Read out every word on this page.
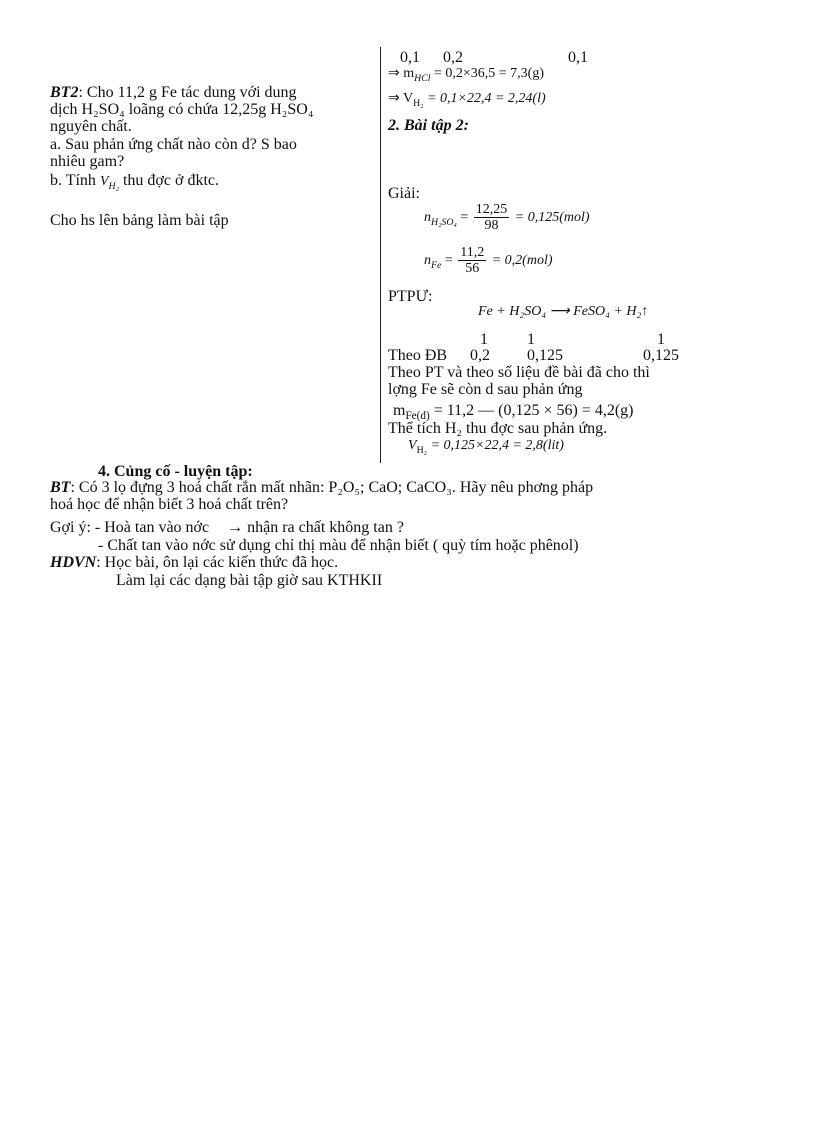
BT2: Cho 11,2 g Fe tác dung với dung
dịch H₂SO₄ loãng có chứa 12,25g H₂SO₄
nguyên chất.
a. Sau phản ứng chất nào còn d? S bao
nhiêu gam?
b. Tính $V_{H_2}$ thu đợc ở đktc.
Cho hs lên bảng làm bài tập
0,1 0,2	0,1
⇒ $m_{HCl} = 0,2\times 36,5 = 7,3(g)$
⇒ $V_{H_2} = 0,1\times 22,4 = 2,24(l)$
2. Bài tập 2:
Giải:
$n_{H_2SO_4} = \frac{12,25}{98} = 0,125(mol)$
$n_{Fe} = \frac{11,2}{56} = 0,2(mol)$
PTPƯ:
Fe + H₂SO₄ ⟶ FeSO₄ + H₂↑
1 1	1
Theo ĐB 0,2 0,125	0,125
Theo PT và theo số liệu đề bài đã cho thì
lợng Fe sẽ còn d sau phản ứng
$m_{Fe(d)} = 11,2$ — (0,125 × 56) = 4,2(g)
Thể tích H₂ thu đợc sau phản ứng.
$V_{H_2} = 0,125\times 22,4 = 2,8(lit)$
4. Củng cố - luyện tập:
BT: Có 3 lọ đựng 3 hoá chất rắn mất nhãn: P₂O₅; CaO; CaCO₃. Hãy nêu phơng pháp
hoá học để nhận biết 3 hoá chất trên?
Gợi ý: - Hoà tan vào nớc → nhận ra chất không tan ?
- Chất tan vào nớc sử dụng chỉ thị màu để nhận biết ( quỳ tím hoặc phênol)
HDVN: Học bài, ôn lại các kiến thức đã học.
Làm lại các dạng bài tập giờ sau KTHKII
